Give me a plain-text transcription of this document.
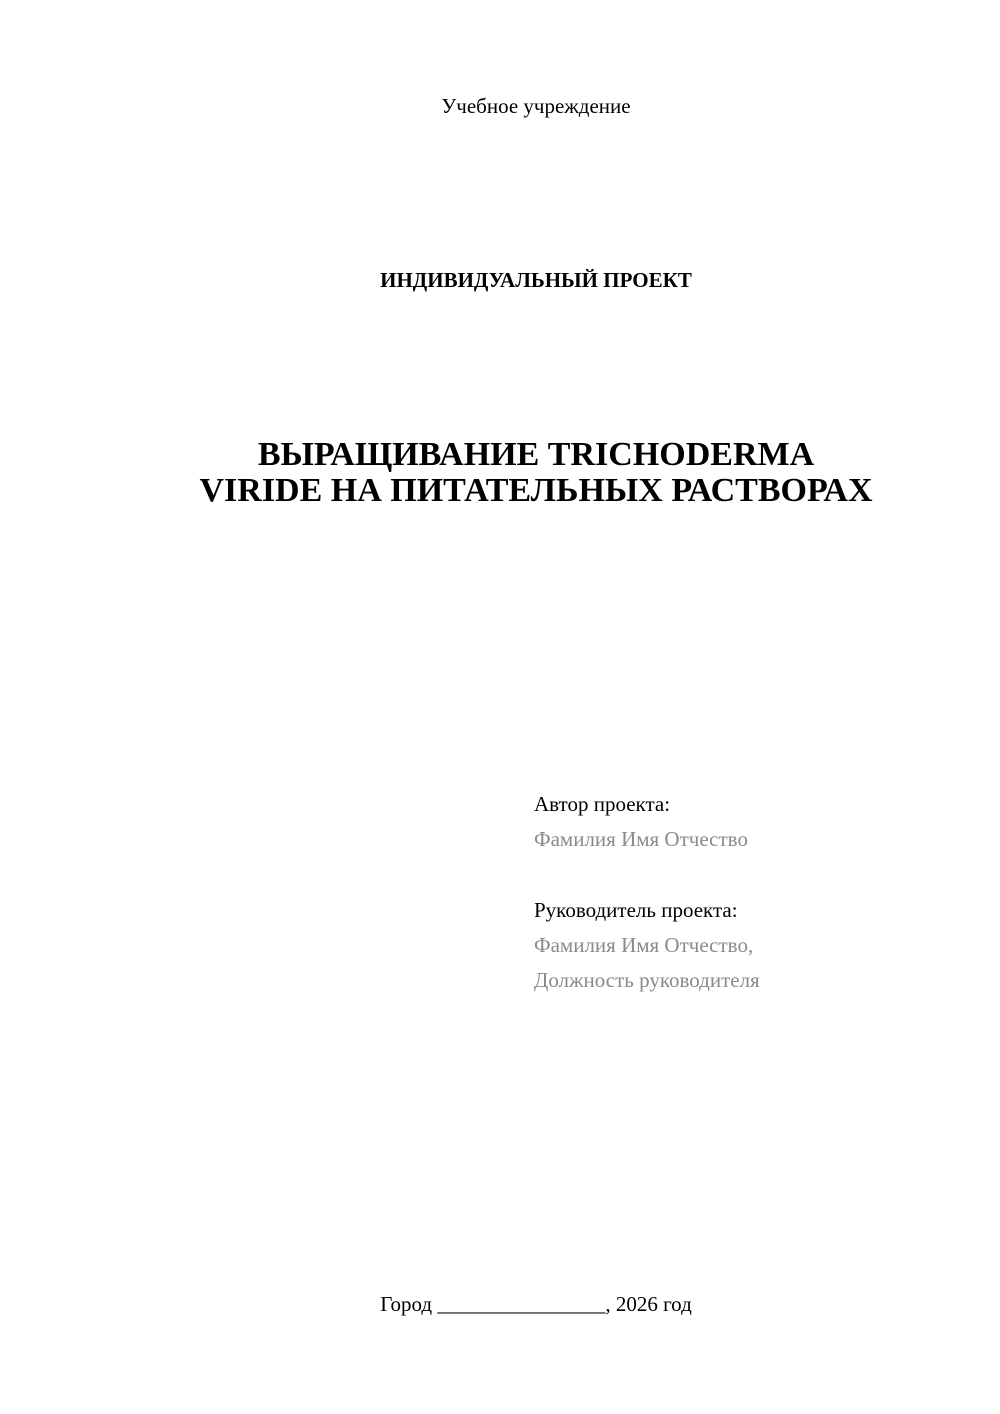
Учебное учреждение
ИНДИВИДУАЛЬНЫЙ ПРОЕКТ
ВЫРАЩИВАНИЕ TRICHODERMA
VIRIDE НА ПИТАТЕЛЬНЫХ РАСТВОРАХ
Автор проекта:
Фамилия Имя Отчество
Руководитель проекта:
Фамилия Имя Отчество,
Должность руководителя
Город ________________, 2026 год
